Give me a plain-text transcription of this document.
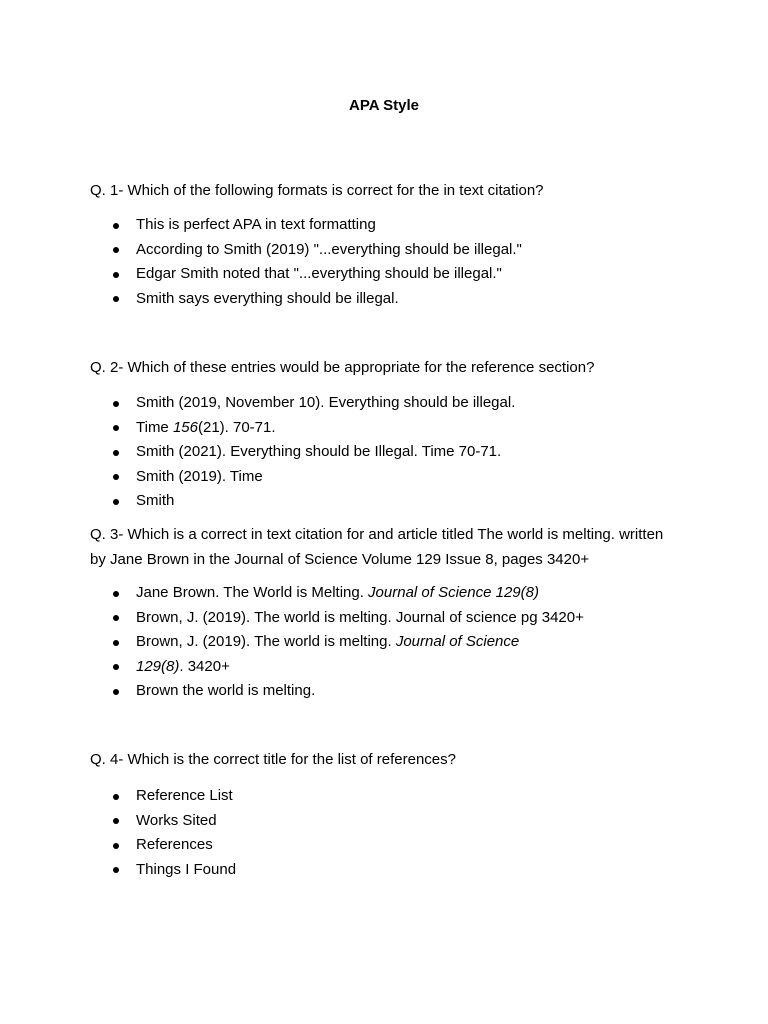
APA Style
Q. 1- Which of the following formats is correct for the in text citation?
This is perfect APA in text formatting
According to Smith (2019) "...everything should be illegal."
Edgar Smith noted that "...everything should be illegal."
Smith says everything should be illegal.
Q. 2- Which of these entries would be appropriate for the reference section?
Smith (2019, November 10). Everything should be illegal.
Time 156(21). 70-71.
Smith (2021). Everything should be Illegal. Time 70-71.
Smith (2019). Time
Smith
Q. 3- Which is a correct in text citation for and article titled The world is melting. written by Jane Brown in the Journal of Science Volume 129 Issue 8, pages 3420+
Jane Brown. The World is Melting. Journal of Science 129(8)
Brown, J. (2019). The world is melting. Journal of science pg 3420+
Brown, J. (2019). The world is melting. Journal of Science
129(8). 3420+
Brown the world is melting.
Q. 4- Which is the correct title for the list of references?
Reference List
Works Sited
References
Things I Found
